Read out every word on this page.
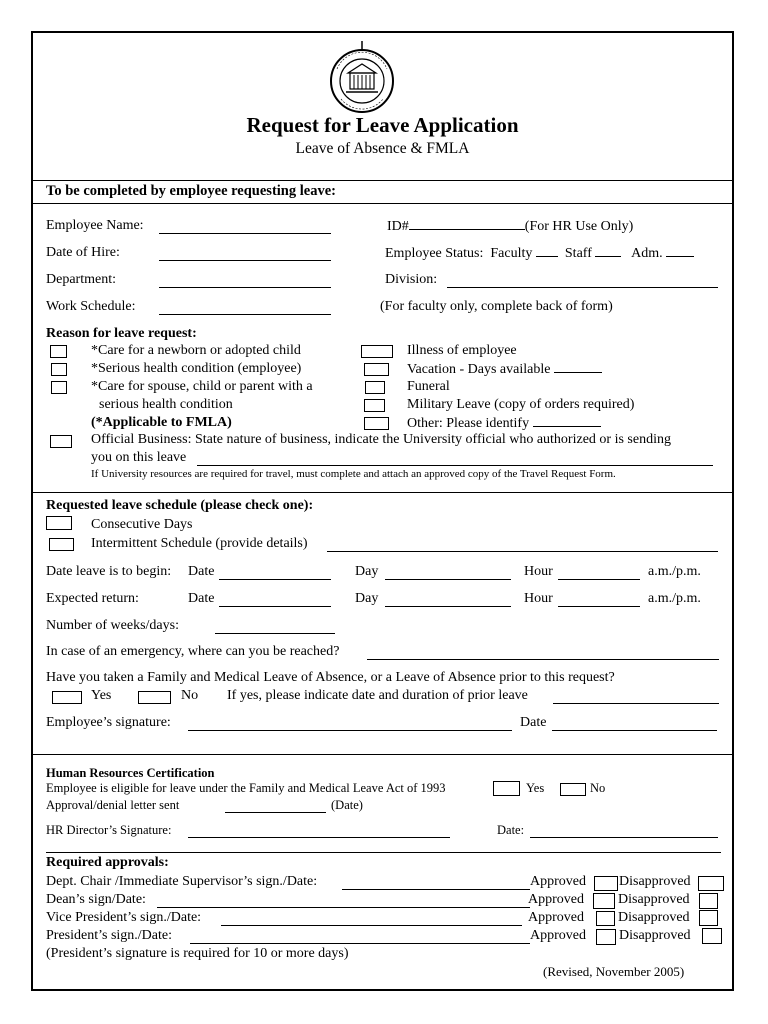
Request for Leave Application
Leave of Absence & FMLA
To be completed by employee requesting leave:
Employee Name:	ID#	(For HR Use Only)
Date of Hire:	Employee Status: Faculty Staff	Adm.
Department:	Division:
Work Schedule:	(For faculty only, complete back of form)
Reason for leave request:
*Care for a newborn or adopted child
*Serious health condition (employee)
*Care for spouse, child or parent with a
serious health condition
(*Applicable to FMLA)
Illness of employee
Vacation - Days available
Funeral
Military Leave (copy of orders required)
Other: Please identify
Official Business: State nature of business, indicate the University official who authorized or is sending
you on this leave
If University resources are required for travel, must complete and attach an approved copy of the Travel Request Form.
Requested leave schedule (please check one):
Consecutive Days
Intermittent Schedule (provide details)
Date leave is to begin: Date	Day	Hour	a.m./p.m.
Expected return:	Date	Day	Hour	a.m./p.m.
Number of weeks/days:
In case of an emergency, where can you be reached?
Have you taken a Family and Medical Leave of Absence, or a Leave of Absence prior to this request?
Yes	No If yes, please indicate date and duration of prior leave
Employee’s signature:	Date
Human Resources Certification
Employee is eligible for leave under the Family and Medical Leave Act of 1993	Yes	No
Approval/denial letter sent	(Date)
HR Director’s Signature:	Date:
Required approvals:
Dept. Chair /Immediate Supervisor’s sign./Date:	Approved Disapproved
Dean’s sign/Date:	Approved Disapproved
Vice President’s sign./Date:	Approved Disapproved
President’s sign./Date:	Approved Disapproved
(President’s signature is required for 10 or more days)
(Revised, November 2005)
